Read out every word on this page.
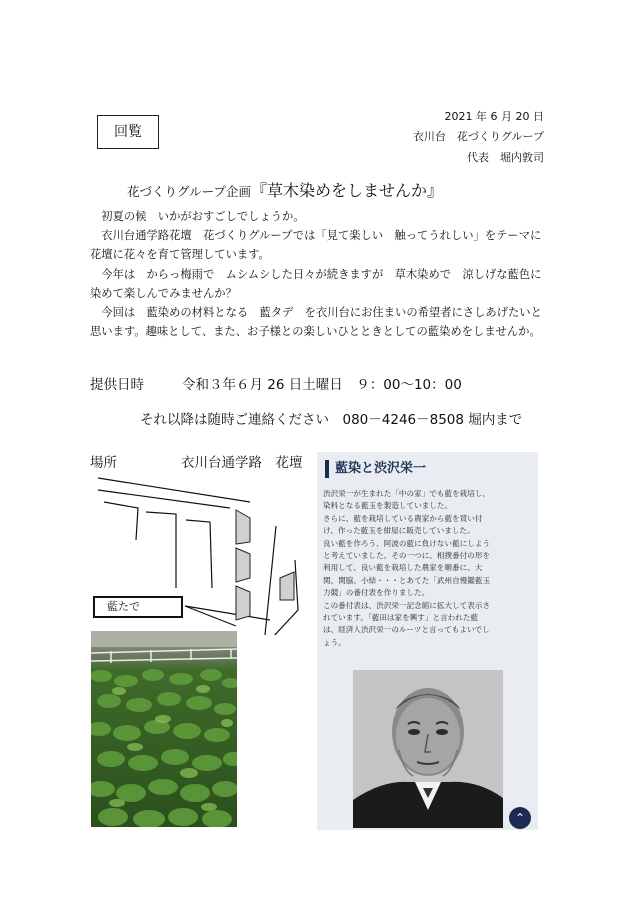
回覧
2021 年 6 月 20 日
衣川台　花づくりグループ
代表　堀内敦司
花づくりグループ企画『草木染めをしませんか』
　初夏の候　いかがおすごしでしょうか。
　衣川台通学路花壇　花づくりグループでは「見て楽しい　触ってうれしい」をテーマに
花壇に花々を育て管理しています。
　今年は　からっ梅雨で　ムシムシした日々が続きますが　草木染めで　涼しげな藍色に
染めて楽しんでみませんか？
　今回は　藍染めの材料となる　藍タデ　を衣川台にお住まいの希望者にさしあげたいと
思います。趣味として、また、お子様との楽しいひとときとしての藍染めをしませんか。
提供日時	令和３年６月 26 日土曜日　９：00〜10：00
それ以降は随時ご連絡ください　080－4246－8508 堀内まで
場所	衣川台通学路　花壇
藍たで
藍染と渋沢栄一
渋沢栄一が生まれた「中の家」でも藍を栽培し、
染料となる藍玉を製造していました。
さらに、藍を栽培している農家から藍を買い付
け、作った藍玉を紺屋に販売していました。
良い藍を作ろう、阿波の藍に負けない藍にしよう
と考えていました。その一つに、相撲番付の形を
利用して、良い藍を栽培した農家を順番に、大
関、関脇、小結・・・とあてた「武州自慢鑑藍玉
力競」の番付表を作りました。
この番付表は、渋沢栄一記念館に拡大して表示さ
れています。「藍田は家を興す」と言われた藍
は、経済人渋沢栄一のルーツと言ってもよいでし
ょう。
⌃
